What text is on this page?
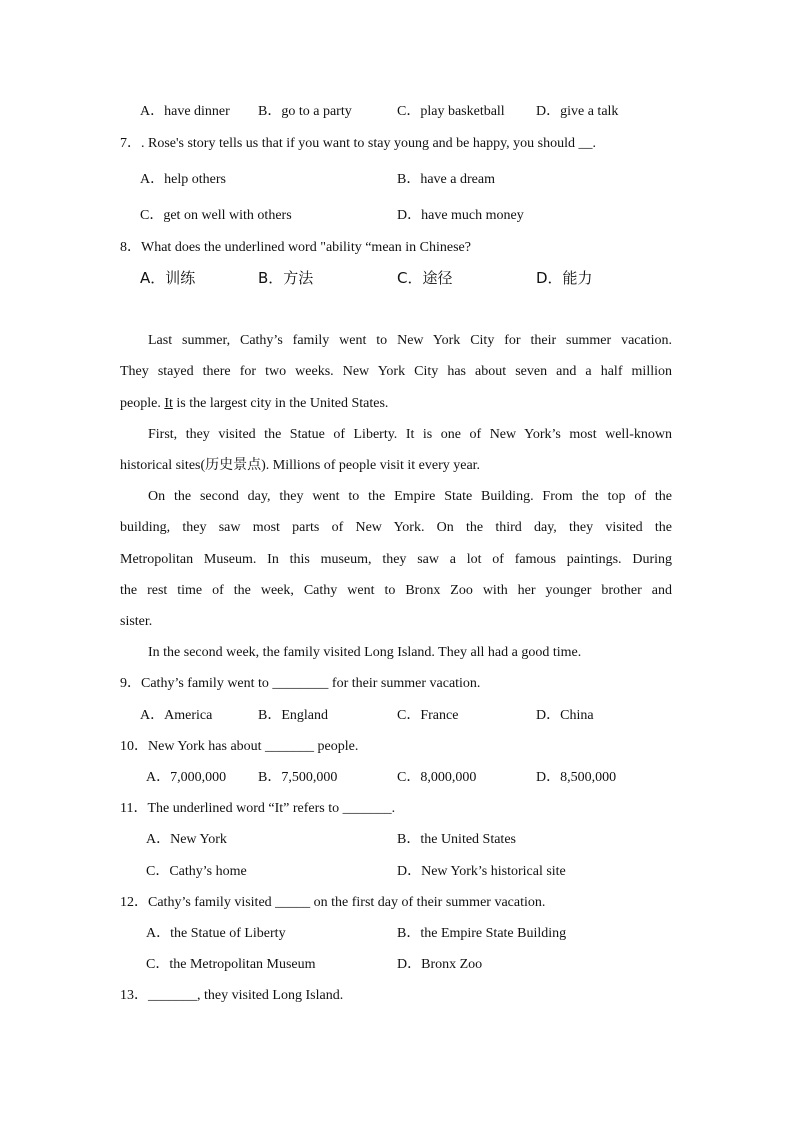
A．have dinner B．go to a party	C．play basketball D．give a talk
7．. Rose's story tells us that if you want to stay young and be happy, you should __.
A．help others	B．have a dream
C．get on well with others	D．have much money
8．What does the underlined word "ability “mean in Chinese?
A．训练	B．方法	C．途径	D．能力
Last summer, Cathy’s family went to New York City for their summer vacation.
They stayed there for two weeks. New York City has about seven and a half million
people. It is the largest city in the United States.
First, they visited the Statue of Liberty. It is one of New York’s most well-known
historical sites(历史景点). Millions of people visit it every year.
On the second day, they went to the Empire State Building. From the top of the
building, they saw most parts of New York. On the third day, they visited the
Metropolitan Museum. In this museum, they saw a lot of famous paintings. During
the rest time of the week, Cathy went to Bronx Zoo with her younger brother and
sister.
In the second week, the family visited Long Island. They all had a good time.
9．Cathy’s family went to ________ for their summer vacation.
A．America	B．England	C．France	D．China
10．New York has about _______ people.
A．7,000,000 B．7,500,000	C．8,000,000	D．8,500,000
11．The underlined word “It” refers to _______.
A．New York	B．the United States
C．Cathy’s home	D．New York’s historical site
12．Cathy’s family visited _____ on the first day of their summer vacation.
A．the Statue of Liberty	B．the Empire State Building
C．the Metropolitan Museum	D．Bronx Zoo
13．_______, they visited Long Island.
